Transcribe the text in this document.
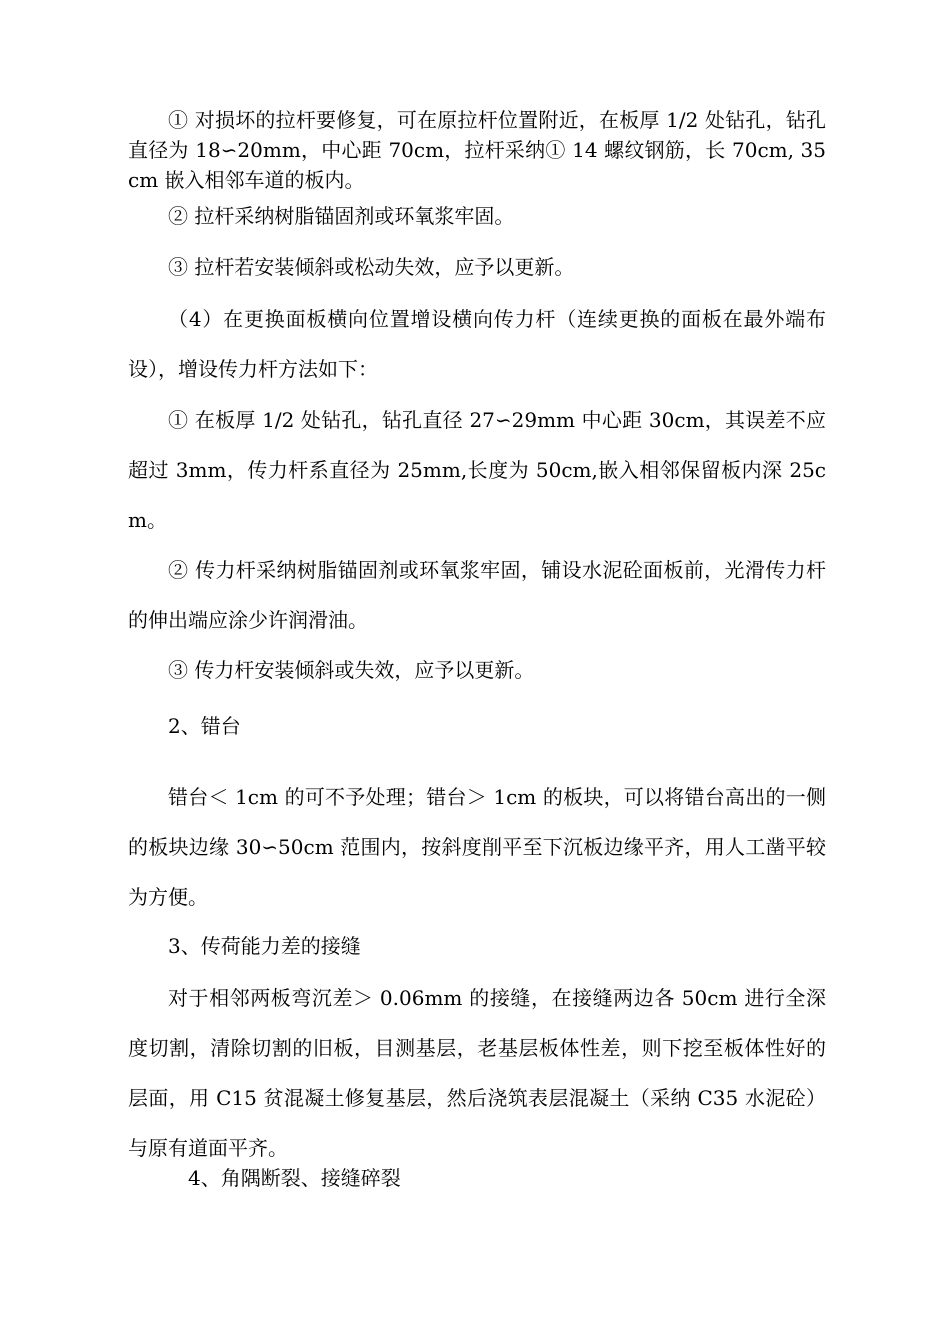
① 对损坏的拉杆要修复，可在原拉杆位置附近，在板厚 1/2 处钻孔，钻孔直径为 18∽20mm，中心距 70cm，拉杆采纳① 14 螺纹钢筋，长 70cm, 35cm 嵌入相邻车道的板内。

② 拉杆采纳树脂锚固剂或环氧浆牢固。

③ 拉杆若安装倾斜或松动失效，应予以更新。

（4）在更换面板横向位置增设横向传力杆（连续更换的面板在最外端布设），增设传力杆方法如下：

① 在板厚 1/2 处钻孔，钻孔直径 27∽29mm 中心距 30cm，其误差不应超过 3mm，传力杆系直径为 25mm,长度为 50cm,嵌入相邻保留板内深 25cm。

② 传力杆采纳树脂锚固剂或环氧浆牢固，铺设水泥砼面板前，光滑传力杆的伸出端应涂少许润滑油。

③ 传力杆安装倾斜或失效，应予以更新。

2、错台

错台＜ 1cm 的可不予处理；错台＞ 1cm 的板块，可以将错台高出的一侧的板块边缘 30∽50cm 范围内，按斜度削平至下沉板边缘平齐，用人工凿平较为方便。

3、传荷能力差的接缝

对于相邻两板弯沉差＞ 0.06mm 的接缝，在接缝两边各 50cm 进行全深度切割，清除切割的旧板，目测基层，老基层板体性差，则下挖至板体性好的层面，用 C15 贫混凝土修复基层，然后浇筑表层混凝土（采纳 C35 水泥砼）与原有道面平齐。

4、角隅断裂、接缝碎裂
